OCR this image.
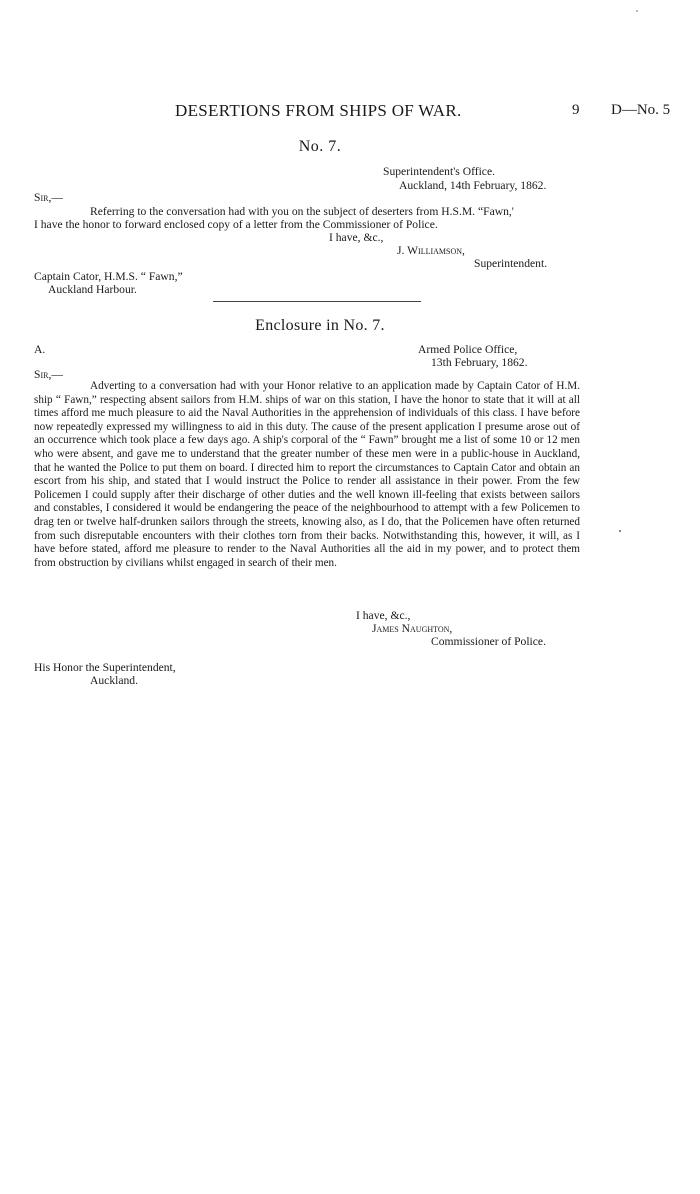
DESERTIONS FROM SHIPS OF WAR.	9 D—No. 5
No. 7.
Superintendent's Office.
Auckland, 14th February, 1862.
Sir,—
Referring to the conversation had with you on the subject of deserters from H.S.M. “Fawn,'
I have the honor to forward enclosed copy of a letter from the Commissioner of Police.
I have, &c.,
J. Williamson,
Superintendent.
Captain Cator, H.M.S. “ Fawn,”
Auckland Harbour.
Enclosure in No. 7.
A.	Armed Police Office,
13th February, 1862.
Sir,—
Adverting to a conversation had with your Honor relative to an application made by Captain Cator of H.M. ship “ Fawn,” respecting absent sailors from H.M. ships of war on this station, I have the honor to state that it will at all times afford me much pleasure to aid the Naval Authorities in the apprehension of individuals of this class. I have before now repeatedly expressed my willingness to aid in this duty. The cause of the present application I presume arose out of an occurrence which took place a few days ago. A ship's corporal of the “ Fawn” brought me a list of some 10 or 12 men who were absent, and gave me to understand that the greater number of these men were in a public-house in Auckland, that he wanted the Police to put them on board. I directed him to report the circumstances to Captain Cator and obtain an escort from his ship, and stated that I would instruct the Police to render all assistance in their power. From the few Policemen I could supply after their discharge of other duties and the well known ill-feeling that exists between sailors and constables, I considered it would be endangering the peace of the neighbourhood to attempt with a few Policemen to drag ten or twelve half-drunken sailors through the streets, knowing also, as I do, that the Policemen have often returned from such disreputable encounters with their clothes torn from their backs. Notwithstanding this, however, it will, as I have before stated, afford me pleasure to render to the Naval Authorities all the aid in my power, and to protect them from obstruction by civilians whilst engaged in search of their men.
I have, &c.,
James Naughton,
Commissioner of Police.
His Honor the Superintendent,
Auckland.
